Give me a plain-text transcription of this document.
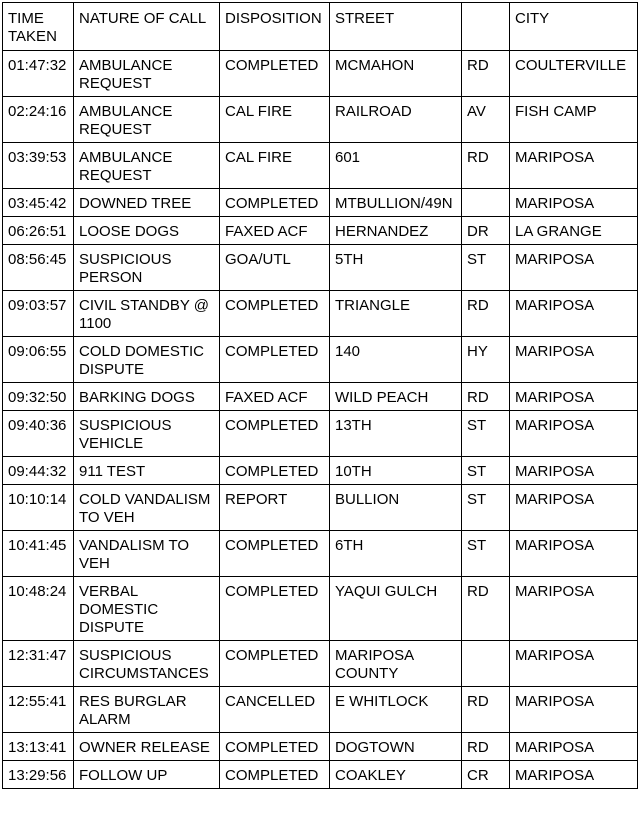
TIME TAKEN	NATURE OF CALL	DISPOSITION	STREET		CITY
01:47:32	AMBULANCE REQUEST	COMPLETED	MCMAHON	RD	COULTERVILLE
02:24:16	AMBULANCE REQUEST	CAL FIRE	RAILROAD	AV	FISH CAMP
03:39:53	AMBULANCE REQUEST	CAL FIRE	601	RD	MARIPOSA
03:45:42	DOWNED TREE	COMPLETED	MTBULLION/49N		MARIPOSA
06:26:51	LOOSE DOGS	FAXED ACF	HERNANDEZ	DR	LA GRANGE
08:56:45	SUSPICIOUS PERSON	GOA/UTL	5TH	ST	MARIPOSA
09:03:57	CIVIL STANDBY @ 1100	COMPLETED	TRIANGLE	RD	MARIPOSA
09:06:55	COLD DOMESTIC DISPUTE	COMPLETED	140	HY	MARIPOSA
09:32:50	BARKING DOGS	FAXED ACF	WILD PEACH	RD	MARIPOSA
09:40:36	SUSPICIOUS VEHICLE	COMPLETED	13TH	ST	MARIPOSA
09:44:32	911 TEST	COMPLETED	10TH	ST	MARIPOSA
10:10:14	COLD VANDALISM TO VEH	REPORT	BULLION	ST	MARIPOSA
10:41:45	VANDALISM TO VEH	COMPLETED	6TH	ST	MARIPOSA
10:48:24	VERBAL DOMESTIC DISPUTE	COMPLETED	YAQUI GULCH	RD	MARIPOSA
12:31:47	SUSPICIOUS CIRCUMSTANCES	COMPLETED	MARIPOSA COUNTY		MARIPOSA
12:55:41	RES BURGLAR ALARM	CANCELLED	E WHITLOCK	RD	MARIPOSA
13:13:41	OWNER RELEASE	COMPLETED	DOGTOWN	RD	MARIPOSA
13:29:56	FOLLOW UP	COMPLETED	COAKLEY	CR	MARIPOSA
